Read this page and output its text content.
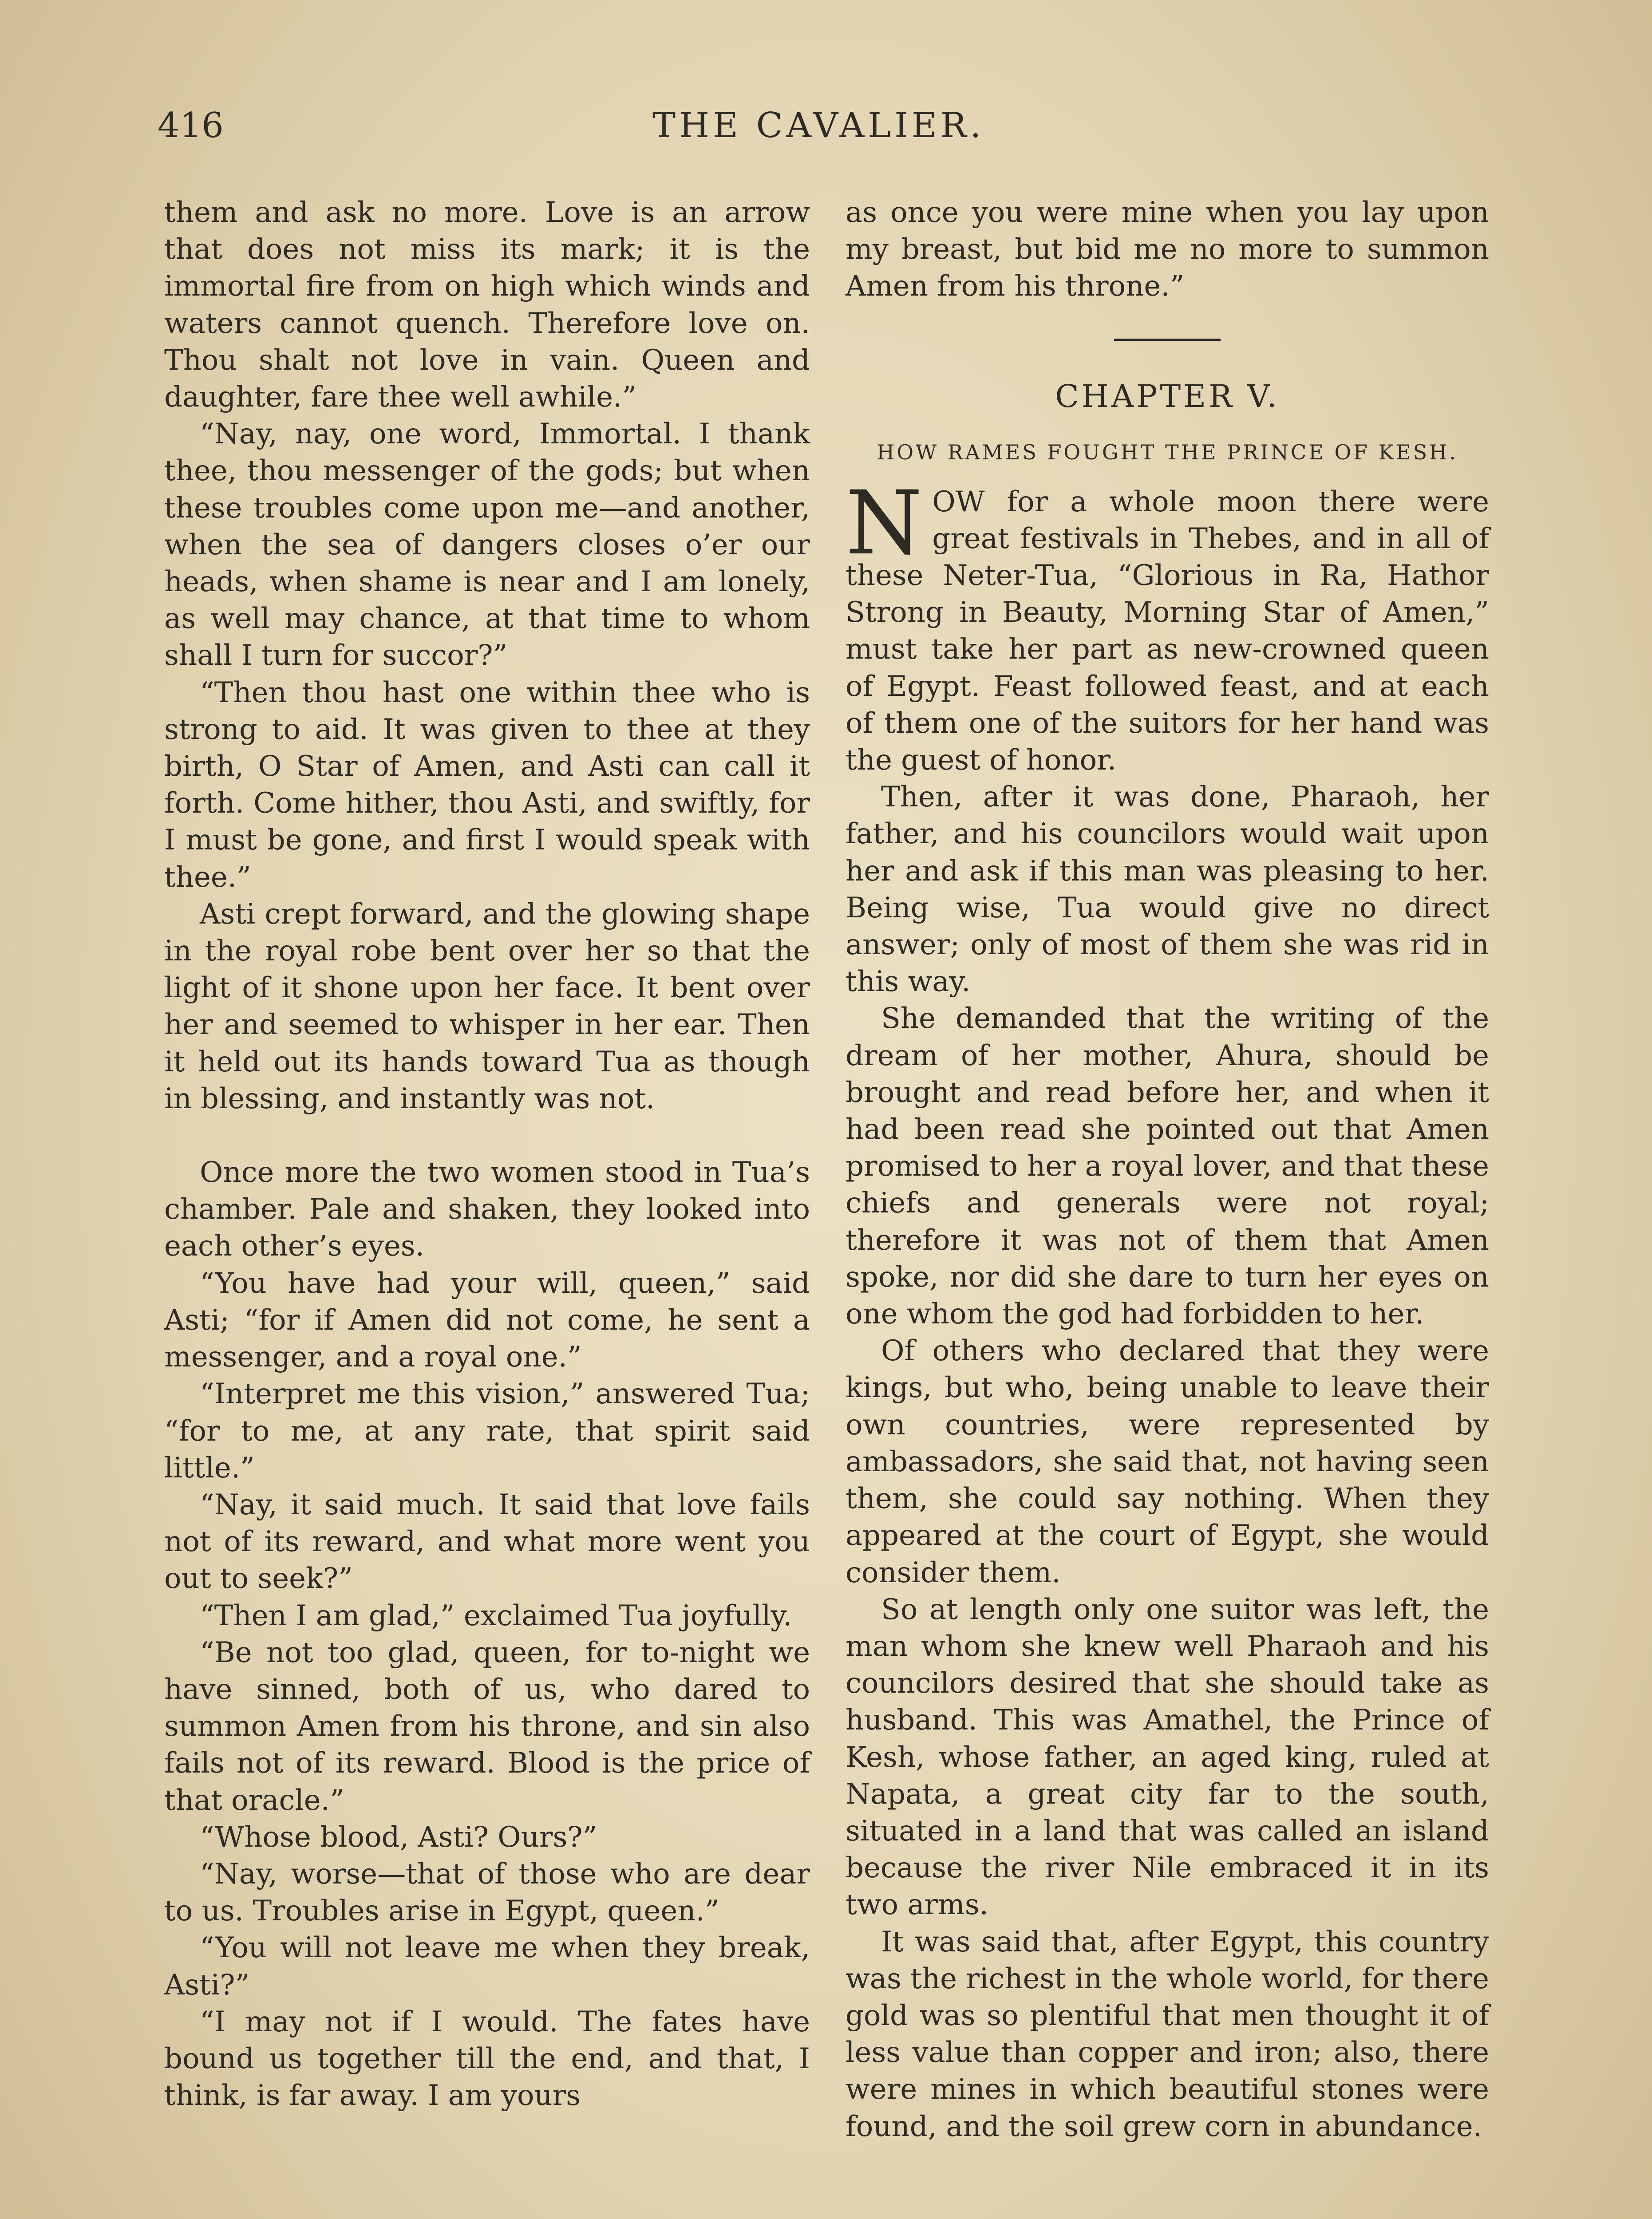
416	THE CAVALIER.

them and ask no more. Love is an arrow that does not miss its mark; it is the immortal fire from on high which winds and waters cannot quench. Therefore love on. Thou shalt not love in vain. Queen and daughter, fare thee well awhile.”

“Nay, nay, one word, Immortal. I thank thee, thou messenger of the gods; but when these troubles come upon me—and another, when the sea of dangers closes o’er our heads, when shame is near and I am lonely, as well may chance, at that time to whom shall I turn for succor?”

“Then thou hast one within thee who is strong to aid. It was given to thee at they birth, O Star of Amen, and Asti can call it forth. Come hither, thou Asti, and swiftly, for I must be gone, and first I would speak with thee.”

Asti crept forward, and the glowing shape in the royal robe bent over her so that the light of it shone upon her face. It bent over her and seemed to whisper in her ear. Then it held out its hands toward Tua as though in blessing, and instantly was not.

Once more the two women stood in Tua’s chamber. Pale and shaken, they looked into each other’s eyes.

“You have had your will, queen,” said Asti; “for if Amen did not come, he sent a messenger, and a royal one.”

“Interpret me this vision,” answered Tua; “for to me, at any rate, that spirit said little.”

“Nay, it said much. It said that love fails not of its reward, and what more went you out to seek?”

“Then I am glad,” exclaimed Tua joyfully.

“Be not too glad, queen, for to-night we have sinned, both of us, who dared to summon Amen from his throne, and sin also fails not of its reward. Blood is the price of that oracle.”

“Whose blood, Asti? Ours?”

“Nay, worse—that of those who are dear to us. Troubles arise in Egypt, queen.”

“You will not leave me when they break, Asti?”

“I may not if I would. The fates have bound us together till the end, and that, I think, is far away. I am yours

as once you were mine when you lay upon my breast, but bid me no more to summon Amen from his throne.”

CHAPTER V.
HOW RAMES FOUGHT THE PRINCE OF KESH.

NOW for a whole moon there were great festivals in Thebes, and in all of these Neter-Tua, “Glorious in Ra, Hathor Strong in Beauty, Morning Star of Amen,” must take her part as new-crowned queen of Egypt. Feast followed feast, and at each of them one of the suitors for her hand was the guest of honor.

Then, after it was done, Pharaoh, her father, and his councilors would wait upon her and ask if this man was pleasing to her. Being wise, Tua would give no direct answer; only of most of them she was rid in this way.

She demanded that the writing of the dream of her mother, Ahura, should be brought and read before her, and when it had been read she pointed out that Amen promised to her a royal lover, and that these chiefs and generals were not royal; therefore it was not of them that Amen spoke, nor did she dare to turn her eyes on one whom the god had forbidden to her.

Of others who declared that they were kings, but who, being unable to leave their own countries, were represented by ambassadors, she said that, not having seen them, she could say nothing. When they appeared at the court of Egypt, she would consider them.

So at length only one suitor was left, the man whom she knew well Pharaoh and his councilors desired that she should take as husband. This was Amathel, the Prince of Kesh, whose father, an aged king, ruled at Napata, a great city far to the south, situated in a land that was called an island because the river Nile embraced it in its two arms.

It was said that, after Egypt, this country was the richest in the whole world, for there gold was so plentiful that men thought it of less value than copper and iron; also, there were mines in which beautiful stones were found, and the soil grew corn in abundance.
